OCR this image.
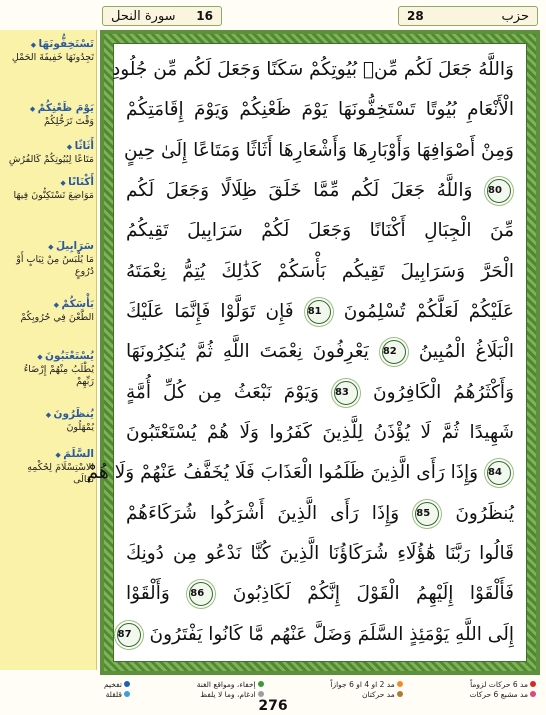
16
سورة النحل	حزب
28
تَسْتَخِفُّونَهَا ◆
تَجِدُونَهَا خَفِيفَةَ الحَمْلِ
يَوْمَ ظَعْنِكُمْ ◆
وَقْتَ تَرَحُّلِكُمْ
أَثَاثًا ◆
مَتَاعًا لِبُيُوتِكُمْ كَالفُرُشِ
أَكْنَانًا ◆
مَوَاضِعَ تَسْتَكِنُّونَ فِيهَا
سَرَابِيلَ ◆
مَا يُلْبَسُ مِنْ ثِيَابٍ أَوْ دُرُوعٍ
بَأْسَكُمْ ◆
الطَّعْنَ فِي حُرُوبِكُمْ
يُسْتَعْتَبُونَ ◆
يُطْلَبُ مِنْهُمْ إِرْضَاءُ رَبِّهِمْ
يُنظَرُونَ ◆
يُمْهَلُونَ
السَّلَمَ ◆
الاسْتِسْلَامَ لِحُكْمِهِ تَعَالَى
وَاللَّهُ جَعَلَ لَكُم مِّنۢ بُيُوتِكُمْ سَكَنًا وَجَعَلَ لَكُم مِّن جُلُودِ
الْأَنْعَامِ بُيُوتًا تَسْتَخِفُّونَهَا يَوْمَ ظَعْنِكُمْ وَيَوْمَ إِقَامَتِكُمْ
وَمِنْ أَصْوَافِهَا وَأَوْبَارِهَا وَأَشْعَارِهَا أَثَاثًا وَمَتَاعًا إِلَىٰ حِينٍ
80 وَاللَّهُ جَعَلَ لَكُم مِّمَّا خَلَقَ ظِلَالًا وَجَعَلَ لَكُم
مِّنَ الْجِبَالِ أَكْنَانًا وَجَعَلَ لَكُمْ سَرَابِيلَ تَقِيكُمُ
الْحَرَّ وَسَرَابِيلَ تَقِيكُم بَأْسَكُمْ كَذَٰلِكَ يُتِمُّ نِعْمَتَهُ
عَلَيْكُمْ لَعَلَّكُمْ تُسْلِمُونَ 81 فَإِن تَوَلَّوْا فَإِنَّمَا عَلَيْكَ
الْبَلَاغُ الْمُبِينُ 82 يَعْرِفُونَ نِعْمَتَ اللَّهِ ثُمَّ يُنكِرُونَهَا
وَأَكْثَرُهُمُ الْكَافِرُونَ 83 وَيَوْمَ نَبْعَثُ مِن كُلِّ أُمَّةٍ
شَهِيدًا ثُمَّ لَا يُؤْذَنُ لِلَّذِينَ كَفَرُوا وَلَا هُمْ يُسْتَعْتَبُونَ
84 وَإِذَا رَأَى الَّذِينَ ظَلَمُوا الْعَذَابَ فَلَا يُخَفَّفُ عَنْهُمْ وَلَا هُمْ
يُنظَرُونَ 85 وَإِذَا رَأَى الَّذِينَ أَشْرَكُوا شُرَكَاءَهُمْ
قَالُوا رَبَّنَا هَٰؤُلَاءِ شُرَكَاؤُنَا الَّذِينَ كُنَّا نَدْعُو مِن دُونِكَ
فَأَلْقَوْا إِلَيْهِمُ الْقَوْلَ إِنَّكُمْ لَكَاذِبُونَ 86 وَأَلْقَوْا
إِلَى اللَّهِ يَوْمَئِذٍ السَّلَمَ وَضَلَّ عَنْهُم مَّا كَانُوا يَفْتَرُونَ 87
مد 6 حركات لزوماً
مد مشبع 6 حركات
مد 2 او 4 او 6 جوازاً
مد حركتان
إخفاء، ومواقع الغنة
ادغام، وما لا يلفظ
تفخيم
قلقلة
276
